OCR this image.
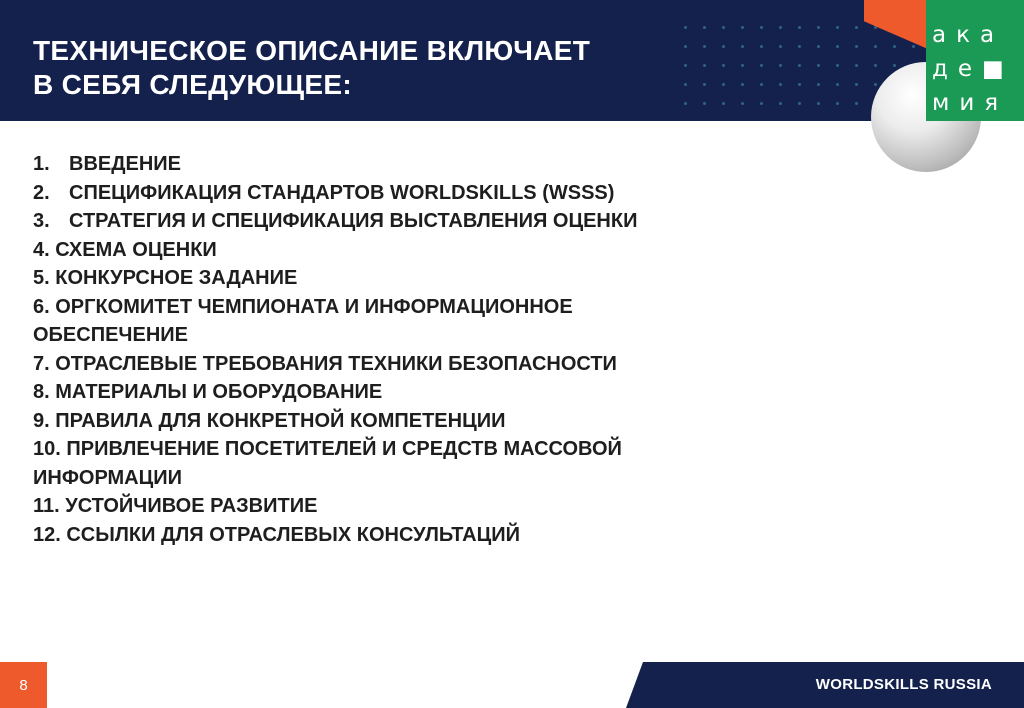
ТЕХНИЧЕСКОЕ ОПИСАНИЕ ВКЛЮЧАЕТ
В СЕБЯ СЛЕДУЮЩЕЕ:
ака
де■
мия
1. ВВЕДЕНИЕ
2. СПЕЦИФИКАЦИЯ СТАНДАРТОВ WORLDSKILLS (WSSS)
3. СТРАТЕГИЯ И СПЕЦИФИКАЦИЯ ВЫСТАВЛЕНИЯ ОЦЕНКИ
4. СХЕМА ОЦЕНКИ
5. КОНКУРСНОЕ ЗАДАНИЕ
6. ОРГКОМИТЕТ ЧЕМПИОНАТА И ИНФОРМАЦИОННОЕ ОБЕСПЕЧЕНИЕ
7. ОТРАСЛЕВЫЕ ТРЕБОВАНИЯ ТЕХНИКИ БЕЗОПАСНОСТИ
8. МАТЕРИАЛЫ И ОБОРУДОВАНИЕ
9. ПРАВИЛА ДЛЯ КОНКРЕТНОЙ КОМПЕТЕНЦИИ
10. ПРИВЛЕЧЕНИЕ ПОСЕТИТЕЛЕЙ И СРЕДСТВ МАССОВОЙ ИНФОРМАЦИИ
11. УСТОЙЧИВОЕ РАЗВИТИЕ
12. ССЫЛКИ ДЛЯ ОТРАСЛЕВЫХ КОНСУЛЬТАЦИЙ
8	WORLDSKILLS RUSSIA
